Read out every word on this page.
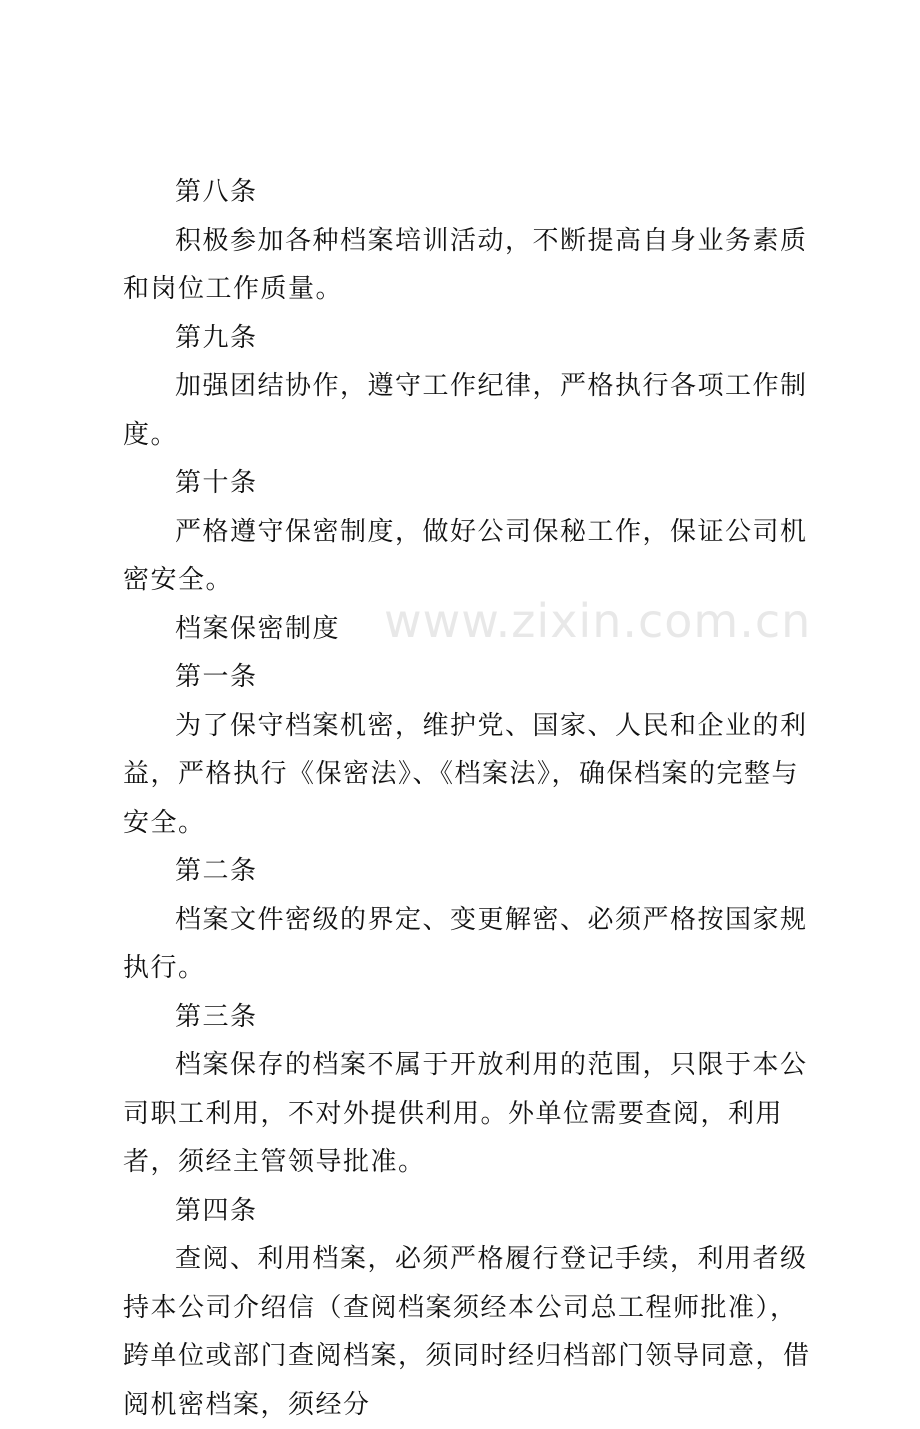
www.zixin.com.cn

第八条

积极参加各种档案培训活动，不断提高自身业务素质和岗位工作质量。

第九条

加强团结协作，遵守工作纪律，严格执行各项工作制度。

第十条

严格遵守保密制度，做好公司保秘工作，保证公司机密安全。

档案保密制度

第一条

为了保守档案机密，维护党、国家、人民和企业的利益，严格执行《保密法》、《档案法》，确保档案的完整与安全。

第二条

档案文件密级的界定、变更解密、必须严格按国家规执行。

第三条

档案保存的档案不属于开放利用的范围，只限于本公司职工利用，不对外提供利用。外单位需要查阅，利用者，须经主管领导批准。

第四条

查阅、利用档案，必须严格履行登记手续，利用者级持本公司介绍信（查阅档案须经本公司总工程师批准），跨单位或部门查阅档案，须同时经归档部门领导同意，借阅机密档案，须经分
